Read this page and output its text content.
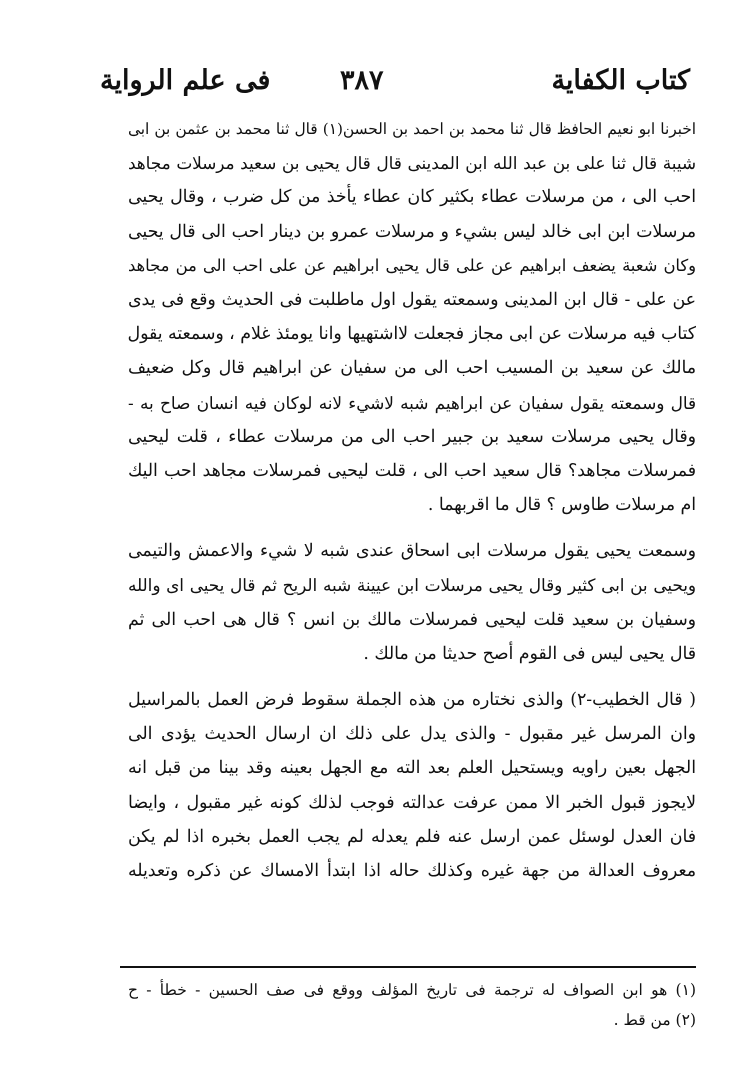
كتاب الكفاية
٣٨٧
فى علم الرواية
اخبرنا ابو نعيم الحافظ قال ثنا محمد بن احمد بن الحسن(١) قال ثنا محمد بن عثمن بن ابى
شيبة قال ثنا على بن عبد الله ابن المدينى قال قال يحيى بن سعيد مرسلات مجاهد
احب الى ، من مرسلات عطاء بكثير كان عطاء يأخذ من كل ضرب ، وقال يحيى
مرسلات ابن ابى خالد ليس بشيء و مرسلات عمرو بن دينار احب الى قال يحيى
وكان شعبة يضعف ابراهيم عن على قال يحيى ابراهيم عن على احب الى من مجاهد
عن على - قال ابن المدينى وسمعته يقول اول ماطلبت فى الحديث وقع فى يدى
كتاب فيه مرسلات عن ابى مجاز فجعلت لااشتهيها وانا يومئذ غلام ، وسمعته يقول
مالك عن سعيد بن المسيب احب الى من سفيان عن ابراهيم قال وكل ضعيف
قال وسمعته يقول سفيان عن ابراهيم شبه لاشيء لانه لوكان فيه انسان صاح به -
وقال يحيى مرسلات سعيد بن جبير احب الى من مرسلات عطاء ، قلت ليحيى
فمرسلات مجاهد؟ قال سعيد احب الى ، قلت ليحيى فمرسلات مجاهد احب اليك
ام مرسلات طاوس ؟ قال ما اقربهما .
وسمعت يحيى يقول مرسلات ابى اسحاق عندى شبه لا شيء والاعمش والتيمى
ويحيى بن ابى كثير وقال يحيى مرسلات ابن عيينة شبه الريح ثم قال يحيى اى والله
وسفيان بن سعيد قلت ليحيى فمرسلات مالك بن انس ؟ قال هى احب الى ثم
قال يحيى ليس فى القوم أصح حديثا من مالك .
( قال الخطيب-٢) والذى نختاره من هذه الجملة سقوط فرض العمل بالمراسيل
وان المرسل غير مقبول - والذى يدل على ذلك ان ارسال الحديث يؤدى الى
الجهل بعين راويه ويستحيل العلم بعد الته مع الجهل بعينه وقد بينا من قبل انه
لايجوز قبول الخبر الا ممن عرفت عدالته فوجب لذلك كونه غير مقبول ، وايضا
فان العدل لوسئل عمن ارسل عنه فلم يعدله لم يجب العمل بخبره اذا لم يكن
معروف العدالة من جهة غيره وكذلك حاله اذا ابتدأ الامساك عن ذكره وتعديله
(١) هو ابن الصواف له ترجمة فى تاريخ المؤلف ووقع فى صف الحسين - خطأ - ح
(٢) من قط .
